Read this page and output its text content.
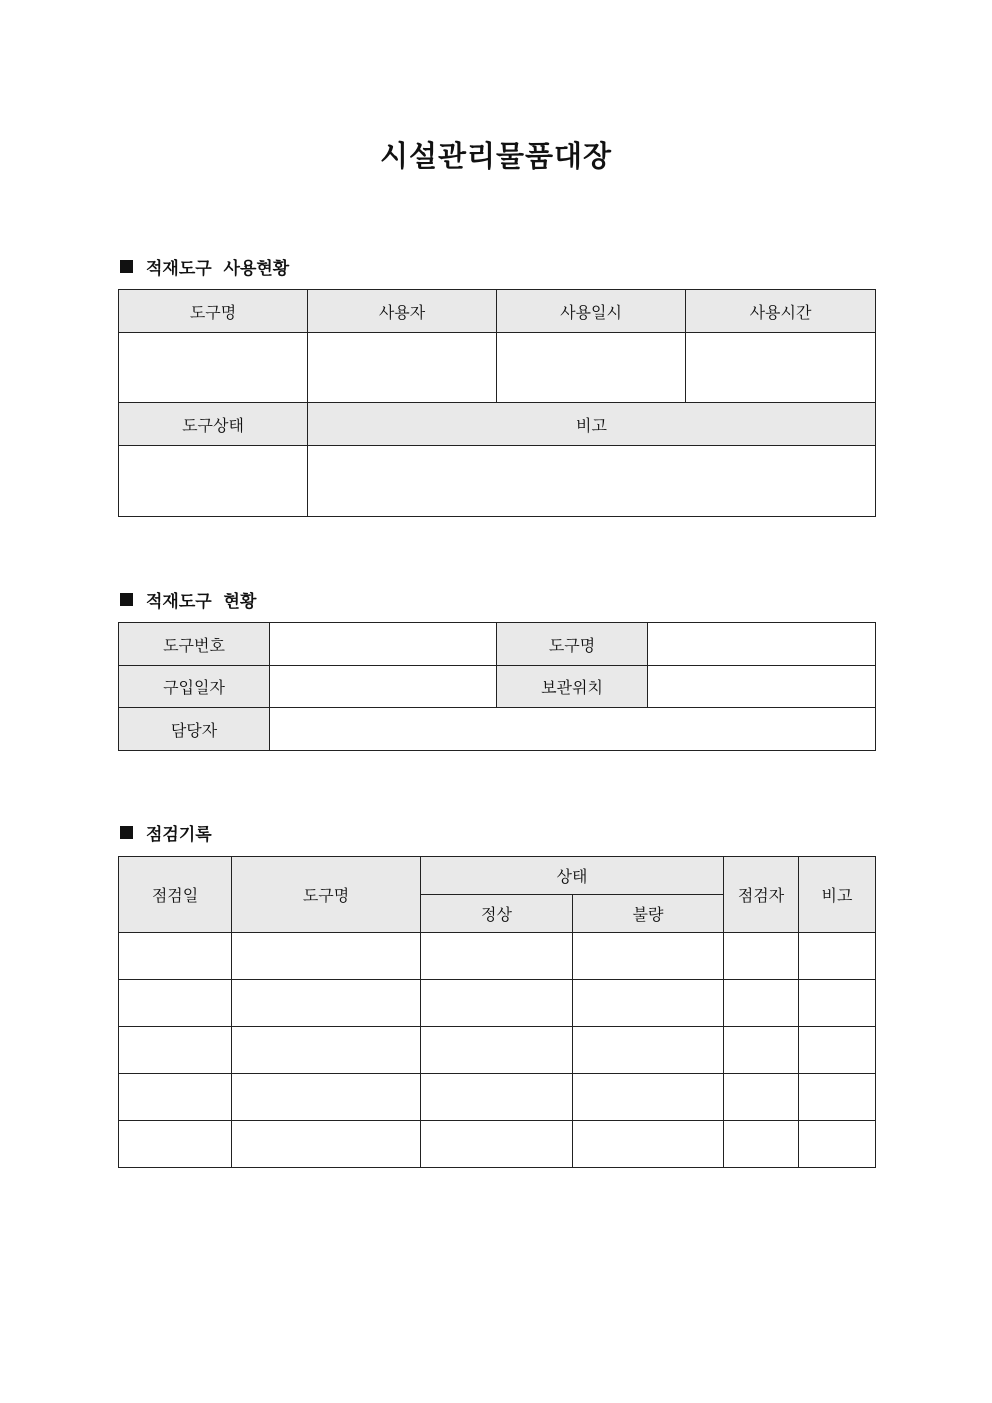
시설관리물품대장
적재도구  사용현황
도구명	사용자	사용일시	사용시간

도구상태	비고		

적재도구  현황
도구번호		도구명	
구입일자		보관위치	
담당자			
점검기록
점검일	도구명	상태		점검자	비고
		정상	불량		
